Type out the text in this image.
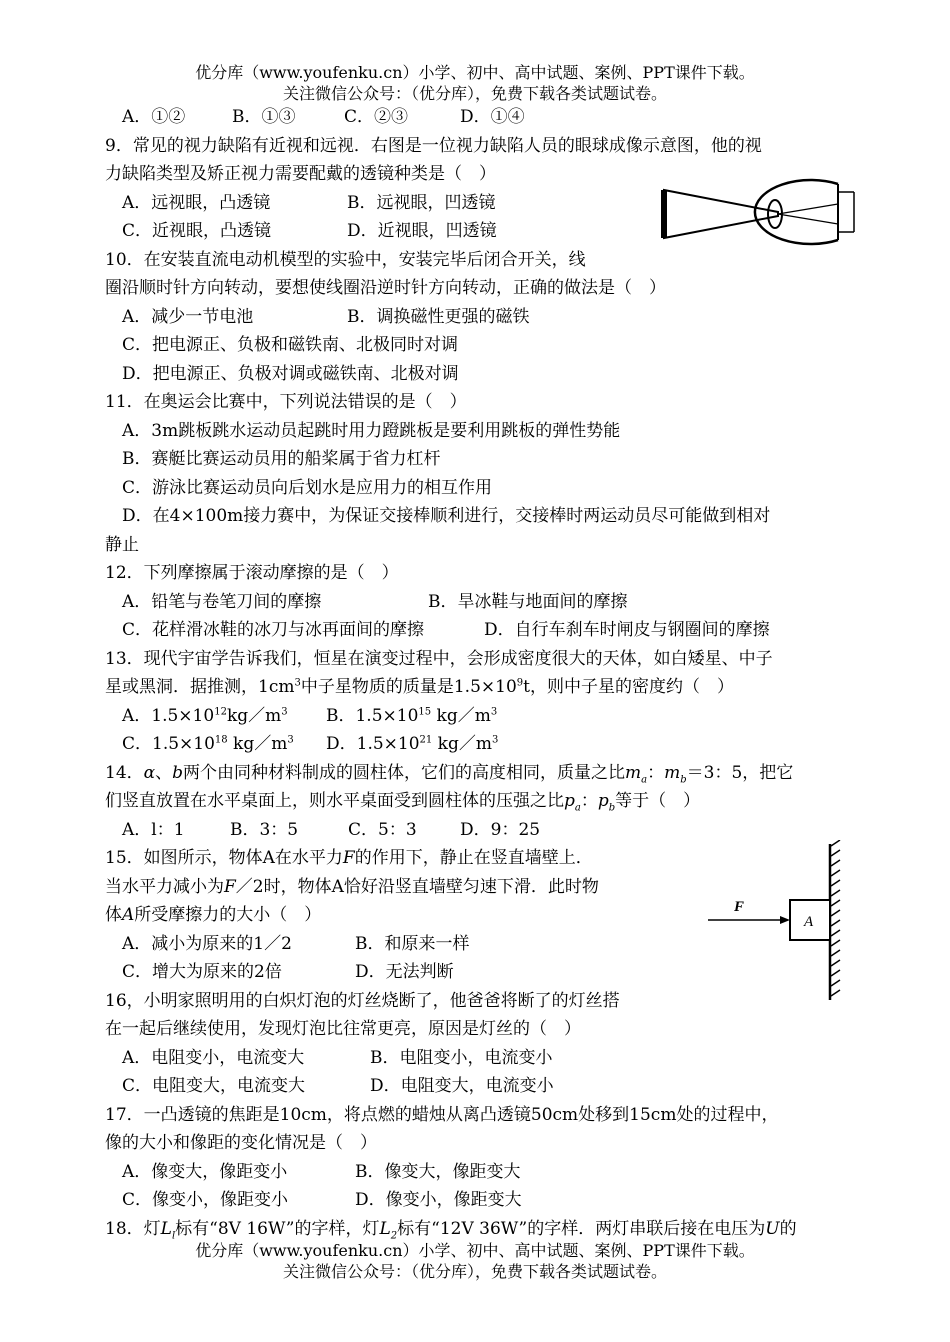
优分库（www.youfenku.cn）小学、初中、高中试题、案例、PPT课件下载。
关注微信公众号：（优分库），免费下载各类试题试卷。
A．①②	B．①③	C．②③	D．①④
9．常见的视力缺陷有近视和远视．右图是一位视力缺陷人员的眼球成像示意图，他的视
力缺陷类型及矫正视力需要配戴的透镜种类是（　）
A．远视眼，凸透镜	B．远视眼，凹透镜
C．近视眼，凸透镜	D．近视眼，凹透镜
10．在安装直流电动机模型的实验中，安装完毕后闭合开关，线
圈沿顺时针方向转动，要想使线圈沿逆时针方向转动，正确的做法是（　）
A．减少一节电池	B．调换磁性更强的磁铁
C．把电源正、负极和磁铁南、北极同时对调
D．把电源正、负极对调或磁铁南、北极对调
11．在奥运会比赛中，下列说法错误的是（　）
A．3m跳板跳水运动员起跳时用力蹬跳板是要利用跳板的弹性势能
B．赛艇比赛运动员用的船桨属于省力杠杆
C．游泳比赛运动员向后划水是应用力的相互作用
D．在4×100m接力赛中，为保证交接棒顺利进行，交接棒时两运动员尽可能做到相对
静止
12．下列摩擦属于滚动摩擦的是（　）
A．铅笔与卷笔刀间的摩擦	B．旱冰鞋与地面间的摩擦
C．花样滑冰鞋的冰刀与冰再面间的摩擦	D．自行车刹车时闸皮与钢圈间的摩擦
13．现代宇宙学告诉我们，恒星在演变过程中，会形成密度很大的天体，如白矮星、中子
星或黑洞．据推测，$1cm^3$中子星物质的质量是$1.5\times 10^9t$，则中子星的密度约（　）
A．$1.5\times 10^{12}kg/m^3$ B．$1.5\times 10^{15}$ $kg/m^3$
C．$1.5\times 10^{18}$ $kg/m^3$ D．$1.5\times 10^{21}$ $kg/m^3$
14．α、b两个由同种材料制成的圆柱体，它们的高度相同，质量之比$m_a$：$m_b=3$：5，把它
们竖直放置在水平桌面上，则水平桌面受到圆柱体的压强之比$p_a$：$p_b$等于（　）
A．l：1	B．3：5	C．5：3	D．9：25
15．如图所示，物体A在水平力F的作用下，静止在竖直墙壁上．
当水平力减小为F／2时，物体A恰好沿竖直墙壁匀速下滑．此时物
体A所受摩擦力的大小（　）
A．减小为原来的1／2	B．和原来一样
C．增大为原来的2倍	D．无法判断
F
A
16，小明家照明用的白炽灯泡的灯丝烧断了，他爸爸将断了的灯丝搭
在一起后继续使用，发现灯泡比往常更亮，原因是灯丝的（　）
A．电阻变小，电流变大	B．电阻变小，电流变小
C．电阻变大，电流变大	D．电阻变大，电流变小
17．一凸透镜的焦距是10cm，将点燃的蜡烛从离凸透镜50cm处移到15cm处的过程中，
像的大小和像距的变化情况是（　）
A．像变大，像距变小	B．像变大，像距变大
C．像变小，像距变小	D．像变小，像距变大
18．灯$L_l$标有“8V 16W”的字样，灯$L_2$标有“12V 36W”的字样．两灯串联后接在电压为U的
优分库（www.youfenku.cn）小学、初中、高中试题、案例、PPT课件下载。
关注微信公众号：（优分库），免费下载各类试题试卷。
